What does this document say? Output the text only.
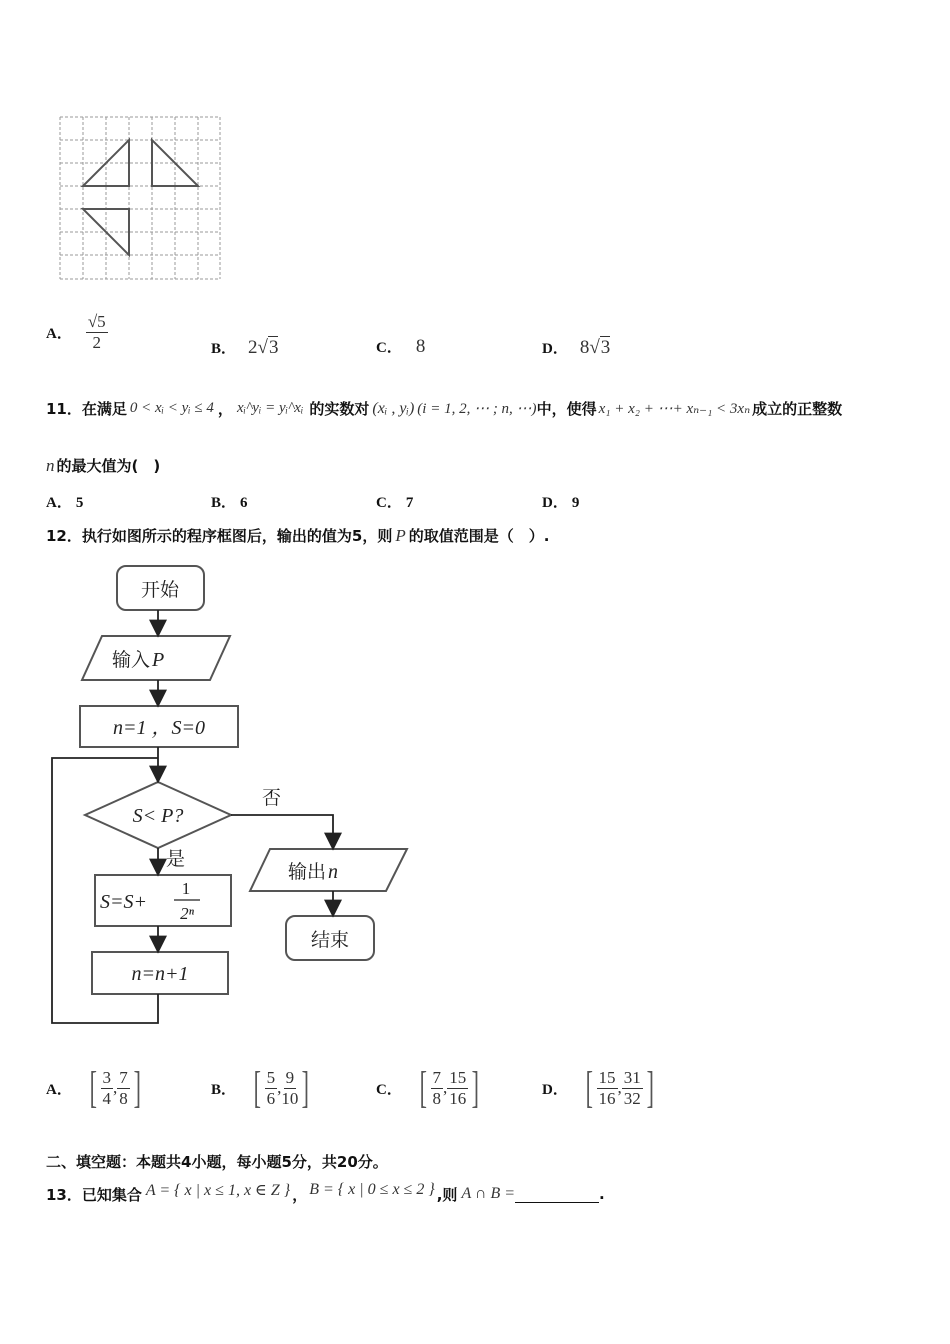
A． $\frac{√5}{2}$	B． 2 √ 3	C． 8	D． 8 √ 3
11．在满足 0 < xᵢ < yᵢ ≤ 4 ， xᵢ^yᵢ = yᵢ^xᵢ 的实数对 (xᵢ , yᵢ) (i = 1, 2, ⋯ ; n, ⋯) 中，使得 x₁ + x₂ + ⋯+ xₙ₋₁ < 3xₙ 成立的正整数
n 的最大值为(　)
A． 5	B． 6	C． 7	D． 9
12．执行如图所示的程序框图后，输出的值为5，则 P 的取值范围是（　）.
开始
输入 P
n=1 ，S=0
S< P?
否
是
S=S+
1
2ⁿ
n=n+1
输出 n
结束
A． [ $\frac{3}{4}$ , $\frac{7}{8}$ ]	B． [ $\frac{5}{6}$ , $\frac{9}{10}$ ]	C． [ $\frac{7}{8}$ , $\frac{15}{16}$ ]	D． [ $\frac{15}{16}$ , $\frac{31}{32}$ ]
二、填空题：本题共4小题，每小题5分，共20分。
13．已知集合 A = { x | x ≤ 1, x ∈ Z } ， B = { x | 0 ≤ x ≤ 2 } ,则 A ∩ B =	.
